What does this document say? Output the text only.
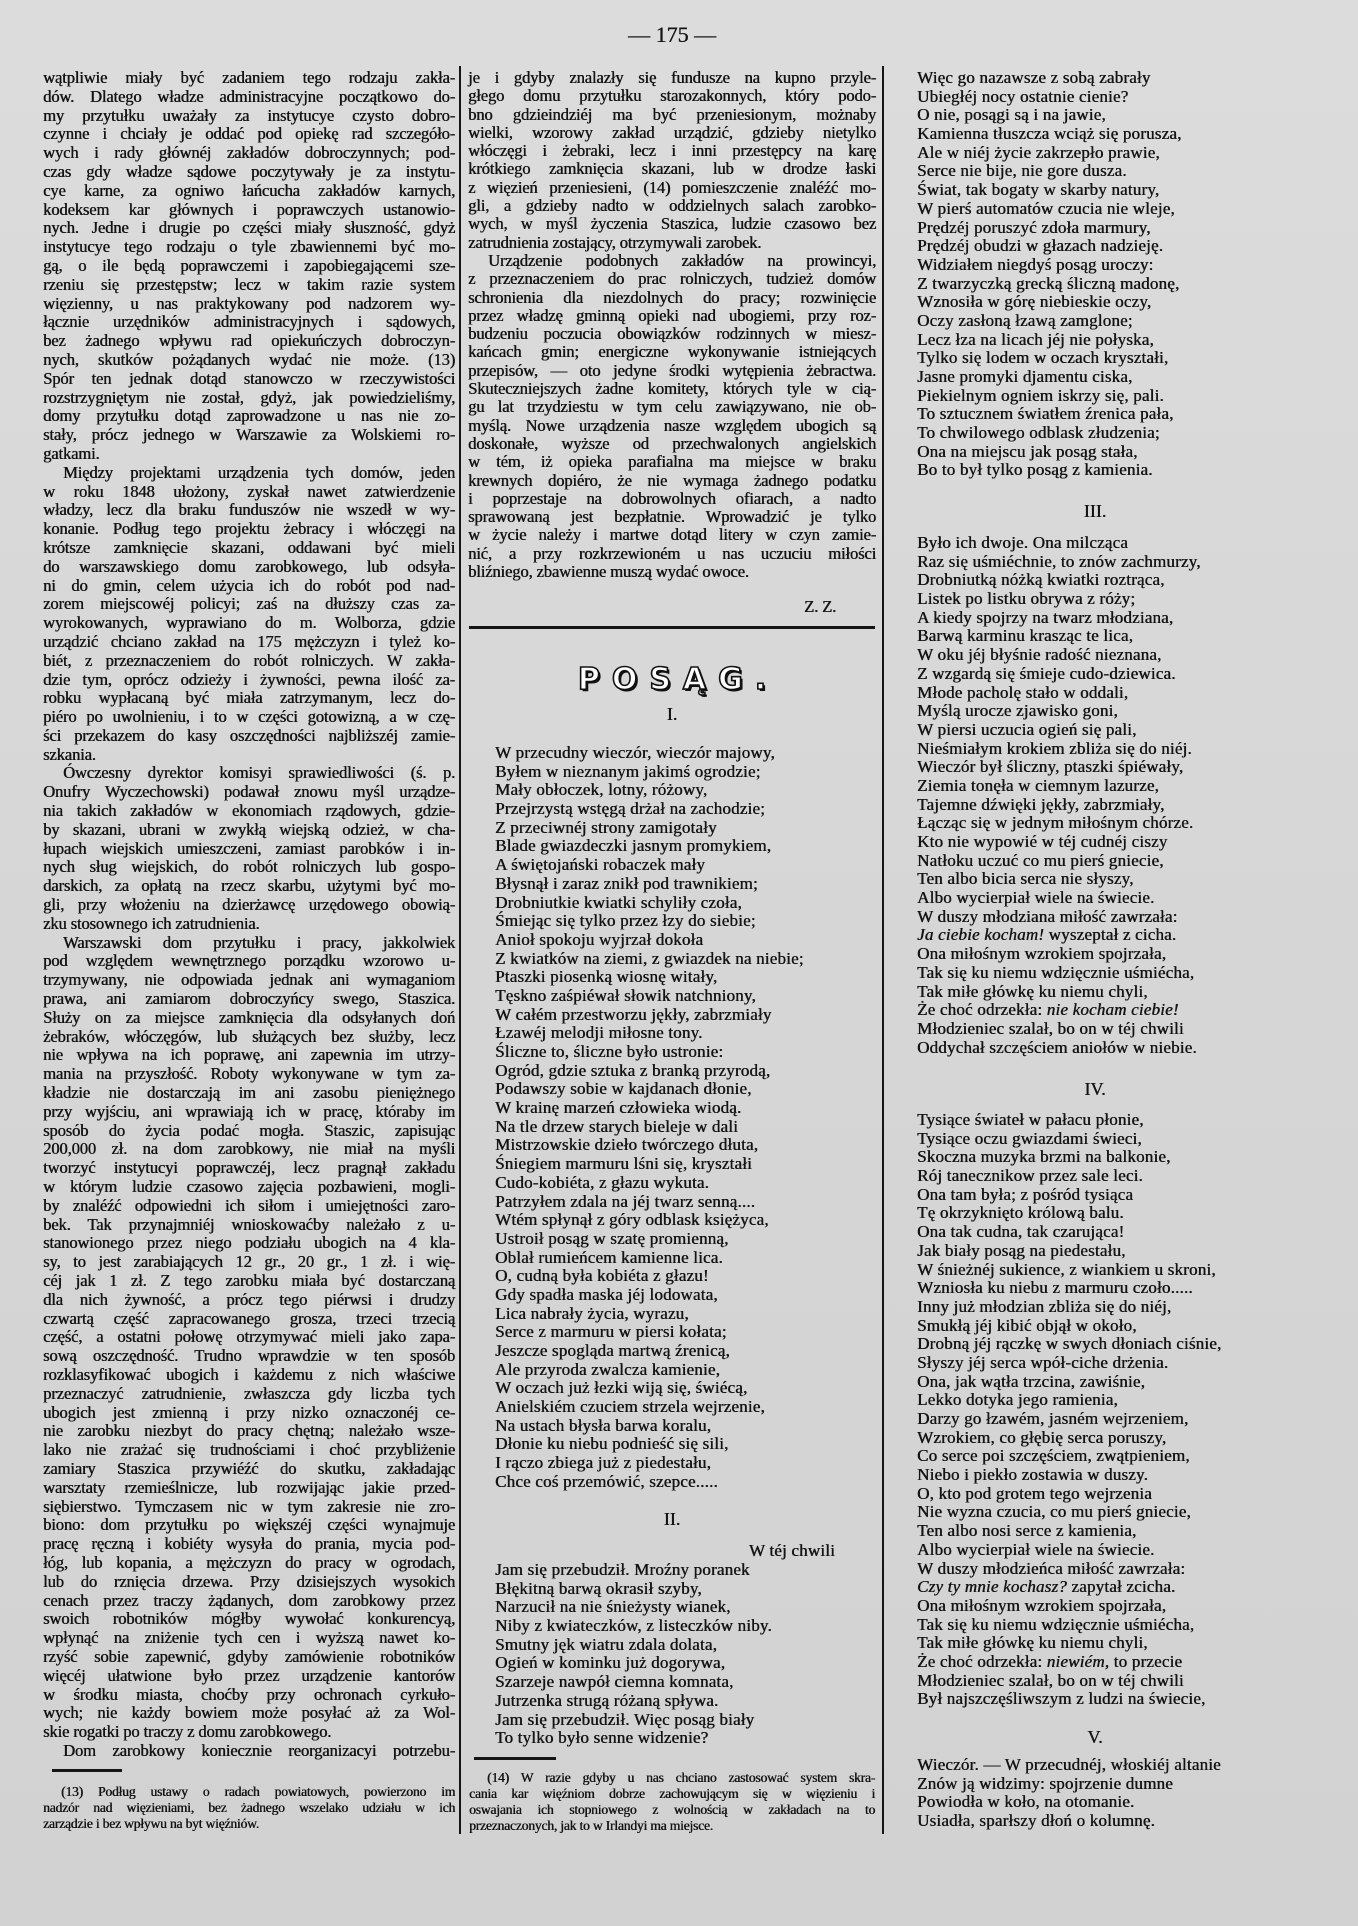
— 175 —
wątpliwie miały być zadaniem tego rodzaju zakła-
dów. Dlatego władze administracyjne początkowo do-
my przytułku uważały za instytucye czysto dobro-
czynne i chciały je oddać pod opiekę rad szczegóło-
wych i rady głównéj zakładów dobroczynnych; pod-
czas gdy władze sądowe poczytywały je za instytu-
cye karne, za ogniwo łańcucha zakładów karnych,
kodeksem kar głównych i poprawczych ustanowio-
nych. Jedne i drugie po części miały słuszność, gdyż
instytucye tego rodzaju o tyle zbawiennemi być mo-
gą, o ile będą poprawczemi i zapobiegającemi sze-
rzeniu się przestępstw; lecz w takim razie system
więzienny, u nas praktykowany pod nadzorem wy-
łącznie urzędników administracyjnych i sądowych,
bez żadnego wpływu rad opiekuńczych dobroczyn-
nych, skutków pożądanych wydać nie może. (13)
Spór ten jednak dotąd stanowczo w rzeczywistości
rozstrzygniętym nie został, gdyż, jak powiedzieliśmy,
domy przytułku dotąd zaprowadzone u nas nie zo-
stały, prócz jednego w Warszawie za Wolskiemi ro-
gatkami.
Między projektami urządzenia tych domów, jeden
w roku 1848 ułożony, zyskał nawet zatwierdzenie
władzy, lecz dla braku funduszów nie wszedł w wy-
konanie. Podług tego projektu żebracy i włóczęgi na
krótsze zamknięcie skazani, oddawani być mieli
do warszawskiego domu zarobkowego, lub odsyła-
ni do gmin, celem użycia ich do robót pod nad-
zorem miejscowéj policyi; zaś na dłuższy czas za-
wyrokowanych, wyprawiano do m. Wolborza, gdzie
urządzić chciano zakład na 175 mężczyzn i tyleż ko-
biét, z przeznaczeniem do robót rolniczych. W zakła-
dzie tym, oprócz odzieży i żywności, pewna ilość za-
robku wypłacaną być miała zatrzymanym, lecz do-
piéro po uwolnieniu, i to w części gotowizną, a w czę-
ści przekazem do kasy oszczędności najbliższéj zamie-
szkania.
Ówczesny dyrektor komisyi sprawiedliwości (ś. p.
Onufry Wyczechowski) podawał znowu myśl urządze-
nia takich zakładów w ekonomiach rządowych, gdzie-
by skazani, ubrani w zwykłą wiejską odzież, w cha-
łupach wiejskich umieszczeni, zamiast parobków i in-
nych sług wiejskich, do robót rolniczych lub gospo-
darskich, za opłatą na rzecz skarbu, użytymi być mo-
gli, przy włożeniu na dzierżawcę urzędowego obowią-
zku stosownego ich zatrudnienia.
Warszawski dom przytułku i pracy, jakkolwiek
pod względem wewnętrznego porządku wzorowo u-
trzymywany, nie odpowiada jednak ani wymaganiom
prawa, ani zamiarom dobroczyńcy swego, Staszica.
Służy on za miejsce zamknięcia dla odsyłanych doń
żebraków, włóczęgów, lub służących bez służby, lecz
nie wpływa na ich poprawę, ani zapewnia im utrzy-
mania na przyszłość. Roboty wykonywane w tym za-
kładzie nie dostarczają im ani zasobu pieniężnego
przy wyjściu, ani wprawiają ich w pracę, któraby im
sposób do życia podać mogła. Staszic, zapisując
200,000 zł. na dom zarobkowy, nie miał na myśli
tworzyć instytucyi poprawczéj, lecz pragnął zakładu
w którym ludzie czasowo zajęcia pozbawieni, mogli-
by znaléźć odpowiedni ich siłom i umiejętności zaro-
bek. Tak przynajmniéj wnioskowaćby należało z u-
stanowionego przez niego podziału ubogich na 4 kla-
sy, to jest zarabiających 12 gr., 20 gr., 1 zł. i wię-
céj jak 1 zł. Z tego zarobku miała być dostarczaną
dla nich żywność, a prócz tego piérwsi i drudzy
czwartą część zapracowanego grosza, trzeci trzecią
część, a ostatni połowę otrzymywać mieli jako zapa-
sową oszczędność. Trudno wprawdzie w ten sposób
rozklasyfikować ubogich i każdemu z nich właściwe
przeznaczyć zatrudnienie, zwłaszcza gdy liczba tych
ubogich jest zmienną i przy nizko oznaczonéj ce-
nie zarobku niezbyt do pracy chętną; należało wsze-
lako nie zrażać się trudnościami i choć przybliżenie
zamiary Staszica przywiéźć do skutku, zakładając
warsztaty rzemieślnicze, lub rozwijając jakie przed-
siębierstwo. Tymczasem nic w tym zakresie nie zro-
biono: dom przytułku po większéj części wynajmuje
pracę ręczną i kobiéty wysyła do prania, mycia pod-
łóg, lub kopania, a mężczyzn do pracy w ogrodach,
lub do rznięcia drzewa. Przy dzisiejszych wysokich
cenach przez traczy żądanych, dom zarobkowy przez
swoich robotników mógłby wywołać konkurencyą,
wpłynąć na zniżenie tych cen i wyższą nawet ko-
rzyść sobie zapewnić, gdyby zamówienie robotników
więcéj ułatwione było przez urządzenie kantorów
w środku miasta, choćby przy ochronach cyrkuło-
wych; nie każdy bowiem może posyłać aż za Wol-
skie rogatki po traczy z domu zarobkowego.
Dom zarobkowy koniecznie reorganizacyi potrzebu-
(13) Podług ustawy o radach powiatowych, powierzono im
nadzór nad więzieniami, bez żadnego wszelako udziału w ich
zarządzie i bez wpływu na byt więźniów.
je i gdyby znalazły się fundusze na kupno przyle-
głego domu przytułku starozakonnych, który podo-
bno gdzieindziéj ma być przeniesionym, możnaby
wielki, wzorowy zakład urządzić, gdzieby nietylko
włóczęgi i żebraki, lecz i inni przestępcy na karę
krótkiego zamknięcia skazani, lub w drodze łaski
z więzień przeniesieni, (14) pomieszczenie znaléźć mo-
gli, a gdzieby nadto w oddzielnych salach zarobko-
wych, w myśl życzenia Staszica, ludzie czasowo bez
zatrudnienia zostający, otrzymywali zarobek.
Urządzenie podobnych zakładów na prowincyi,
z przeznaczeniem do prac rolniczych, tudzież domów
schronienia dla niezdolnych do pracy; rozwinięcie
przez władzę gminną opieki nad ubogiemi, przy roz-
budzeniu poczucia obowiązków rodzinnych w miesz-
kańcach gmin; energiczne wykonywanie istniejących
przepisów, — oto jedyne środki wytępienia żebractwa.
Skuteczniejszych żadne komitety, których tyle w cią-
gu lat trzydziestu w tym celu zawiązywano, nie ob-
myślą. Nowe urządzenia nasze względem ubogich są
doskonałe, wyższe od przechwalonych angielskich
w tém, iż opieka parafialna ma miejsce w braku
krewnych dopiéro, że nie wymaga żadnego podatku
i poprzestaje na dobrowolnych ofiarach, a nadto
sprawowaną jest bezpłatnie. Wprowadzić je tylko
w życie należy i martwe dotąd litery w czyn zamie-
nić, a przy rozkrzewioném u nas uczuciu miłości
bliźniego, zbawienne muszą wydać owoce.
Z. Z.
POSĄG.
I.
W przecudny wieczór, wieczór majowy,
Byłem w nieznanym jakimś ogrodzie;
Mały obłoczek, lotny, różowy,
Przejrzystą wstęgą drżał na zachodzie;
Z przeciwnéj strony zamigotały
Blade gwiazdeczki jasnym promykiem,
A świętojański robaczek mały
Błysnął i zaraz znikł pod trawnikiem;
Drobniutkie kwiatki schyliły czoła,
Śmiejąc się tylko przez łzy do siebie;
Anioł spokoju wyjrzał dokoła
Z kwiatków na ziemi, z gwiazdek na niebie;
Ptaszki piosenką wiosnę witały,
Tęskno zaśpiéwał słowik natchniony,
W całém przestworzu jękły, zabrzmiały
Łzawéj melodji miłosne tony.
Śliczne to, śliczne było ustronie:
Ogród, gdzie sztuka z branką przyrodą,
Podawszy sobie w kajdanach dłonie,
W krainę marzeń człowieka wiodą.
Na tle drzew starych bieleje w dali
Mistrzowskie dzieło twórczego dłuta,
Śniegiem marmuru lśni się, kryształi
Cudo-kobiéta, z głazu wykuta.
Patrzyłem zdala na jéj twarz senną....
Wtém spłynął z góry odblask księżyca,
Ustroił posąg w szatę promienną,
Oblał rumieńcem kamienne lica.
O, cudną była kobiéta z głazu!
Gdy spadła maska jéj lodowata,
Lica nabrały życia, wyrazu,
Serce z marmuru w piersi kołata;
Jeszcze spogląda martwą źrenicą,
Ale przyroda zwalcza kamienie,
W oczach już łezki wiją się, świécą,
Anielskiém czuciem strzela wejrzenie,
Na ustach błysła barwa koralu,
Dłonie ku niebu podnieść się sili,
I rączo zbiega już z piedestału,
Chce coś przemówić, szepce.....
II.
W téj chwili
Jam się przebudził. Mroźny poranek
Błękitną barwą okrasił szyby,
Narzucił na nie śnieżysty wianek,
Niby z kwiateczków, z listeczków niby.
Smutny jęk wiatru zdala dolata,
Ogień w kominku już dogorywa,
Szarzeje nawpół ciemna komnata,
Jutrzenka strugą różaną spływa.
Jam się przebudził. Więc posąg biały
To tylko było senne widzenie?
(14) W razie gdyby u nas chciano zastosować system skra-
cania kar więźniom dobrze zachowującym się w więzieniu i
oswajania ich stopniowego z wolnością w zakładach na to
przeznaczonych, jak to w Irlandyi ma miejsce.
Więc go nazawsze z sobą zabrały
Ubiegłéj nocy ostatnie cienie?
O nie, posągi są i na jawie,
Kamienna tłuszcza wciąż się porusza,
Ale w niéj życie zakrzepło prawie,
Serce nie bije, nie gore dusza.
Świat, tak bogaty w skarby natury,
W pierś automatów czucia nie wleje,
Prędzéj poruszyć zdoła marmury,
Prędzéj obudzi w głazach nadzieję.
Widziałem niegdyś posąg uroczy:
Z twarzyczką grecką śliczną madonę,
Wznosiła w górę niebieskie oczy,
Oczy zasłoną łzawą zamglone;
Lecz łza na licach jéj nie połyska,
Tylko się lodem w oczach kryształi,
Jasne promyki djamentu ciska,
Piekielnym ogniem iskrzy się, pali.
To sztucznem światłem źrenica pała,
To chwilowego odblask złudzenia;
Ona na miejscu jak posąg stała,
Bo to był tylko posąg z kamienia.
III.
Było ich dwoje. Ona milcząca
Raz się uśmiéchnie, to znów zachmurzy,
Drobniutką nóżką kwiatki roztrąca,
Listek po listku obrywa z róży;
A kiedy spojrzy na twarz młodziana,
Barwą karminu krasząc te lica,
W oku jéj błyśnie radość nieznana,
Z wzgardą się śmieje cudo-dziewica.
Młode pacholę stało w oddali,
Myślą urocze zjawisko goni,
W piersi uczucia ogień się pali,
Nieśmiałym krokiem zbliża się do niéj.
Wieczór był śliczny, ptaszki śpiéwały,
Ziemia tonęła w ciemnym lazurze,
Tajemne dźwięki jękły, zabrzmiały,
Łącząc się w jednym miłośnym chórze.
Kto nie wypowié w téj cudnéj ciszy
Natłoku uczuć co mu pierś gniecie,
Ten albo bicia serca nie słyszy,
Albo wycierpiał wiele na świecie.
W duszy młodziana miłość zawrzała:
Ja ciebie kocham! wyszeptał z cicha.
Ona miłośnym wzrokiem spojrzała,
Tak się ku niemu wdzięcznie uśmiécha,
Tak miłe główkę ku niemu chyli,
Że choć odrzekła: nie kocham ciebie!
Młodzieniec szalał, bo on w téj chwili
Oddychał szczęściem aniołów w niebie.
IV.
Tysiące świateł w pałacu płonie,
Tysiące oczu gwiazdami świeci,
Skoczna muzyka brzmi na balkonie,
Rój tanecznikow przez sale leci.
Ona tam była; z pośród tysiąca
Tę okrzyknięto królową balu.
Ona tak cudna, tak czarująca!
Jak biały posąg na piedestału,
W śnieżnéj sukience, z wiankiem u skroni,
Wzniosła ku niebu z marmuru czoło.....
Inny już młodzian zbliża się do niéj,
Smukłą jéj kibić objął w około,
Drobną jéj rączkę w swych dłoniach ciśnie,
Słyszy jéj serca wpół-ciche drżenia.
Ona, jak wątła trzcina, zawiśnie,
Lekko dotyka jego ramienia,
Darzy go łzawém, jasném wejrzeniem,
Wzrokiem, co głębię serca poruszy,
Co serce poi szczęściem, zwątpieniem,
Niebo i piekło zostawia w duszy.
O, kto pod grotem tego wejrzenia
Nie wyzna czucia, co mu pierś gniecie,
Ten albo nosi serce z kamienia,
Albo wycierpiał wiele na świecie.
W duszy młodzieńca miłość zawrzała:
Czy ty mnie kochasz? zapytał zcicha.
Ona miłośnym wzrokiem spojrzała,
Tak się ku niemu wdzięcznie uśmiécha,
Tak miłe główkę ku niemu chyli,
Że choć odrzekła: niewiém, to przecie
Młodzieniec szalał, bo on w téj chwili
Był najszczęśliwszym z ludzi na świecie,
V.
Wieczór. — W przecudnéj, włoskiéj altanie
Znów ją widzimy: spojrzenie dumne
Powiodła w koło, na otomanie.
Usiadła, sparłszy dłoń o kolumnę.
